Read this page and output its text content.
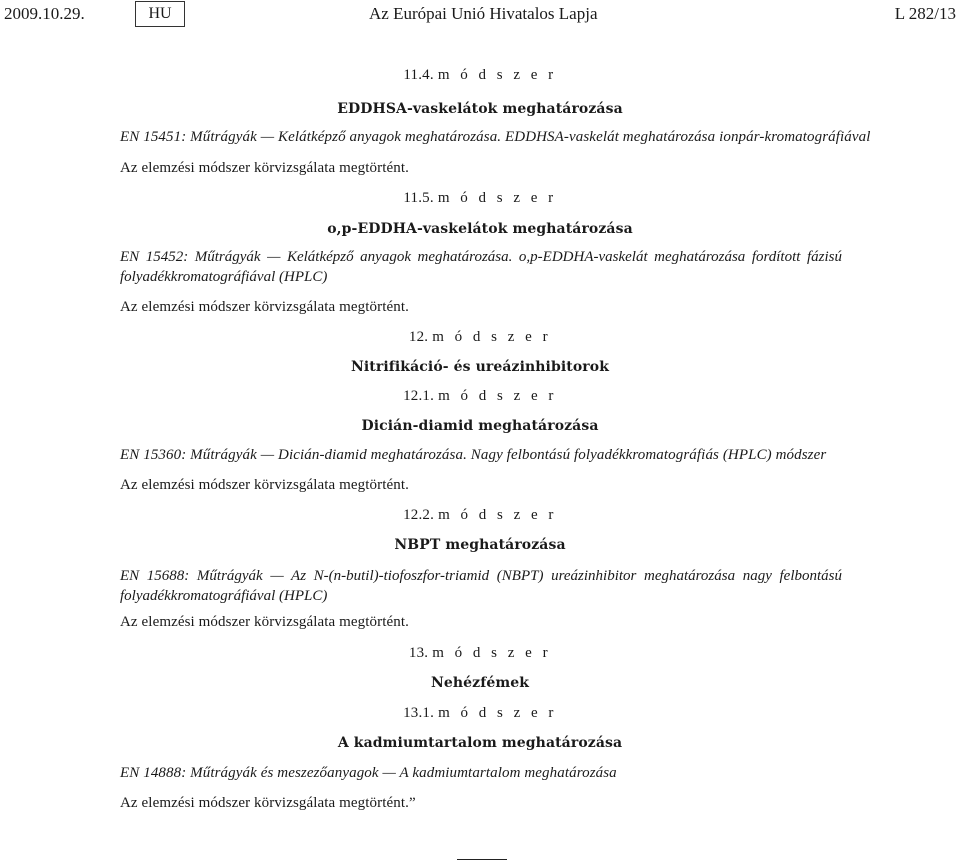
2009.10.29.	HU	Az Európai Unió Hivatalos Lapja	L 282/13
11.4. m ó d s z e r
EDDHSA-vaskelátok meghatározása
EN 15451: Műtrágyák — Kelátképző anyagok meghatározása. EDDHSA-vaskelát meghatározása ionpár-kromatográfiával
Az elemzési módszer körvizsgálata megtörtént.
11.5. m ó d s z e r
o,p-EDDHA-vaskelátok meghatározása
EN 15452: Műtrágyák — Kelátképző anyagok meghatározása. o,p-EDDHA-vaskelát meghatározása fordított fázisú folyadékkromatográfiával (HPLC)
Az elemzési módszer körvizsgálata megtörtént.
12. m ó d s z e r
Nitrifikáció- és ureázinhibitorok
12.1. m ó d s z e r
Dicián-diamid meghatározása
EN 15360: Műtrágyák — Dicián-diamid meghatározása. Nagy felbontású folyadékkromatográfiás (HPLC) módszer
Az elemzési módszer körvizsgálata megtörtént.
12.2. m ó d s z e r
NBPT meghatározása
EN 15688: Műtrágyák — Az N-(n-butil)-tiofoszfor-triamid (NBPT) ureázinhibitor meghatározása nagy felbontású folyadékkromatográfiával (HPLC)
Az elemzési módszer körvizsgálata megtörtént.
13. m ó d s z e r
Nehézfémek
13.1. m ó d s z e r
A kadmiumtartalom meghatározása
EN 14888: Műtrágyák és meszezőanyagok — A kadmiumtartalom meghatározása
Az elemzési módszer körvizsgálata megtörtént.”
